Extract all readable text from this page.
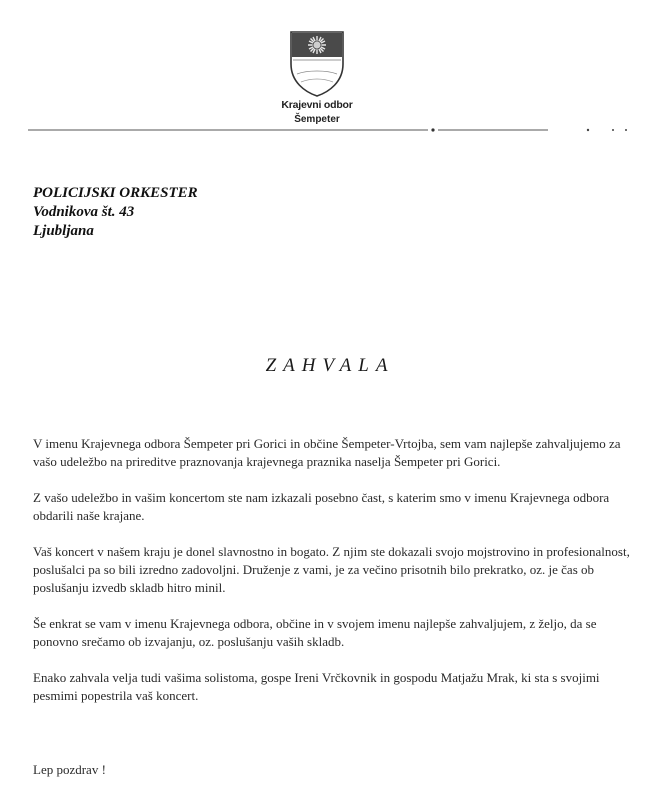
Krajevni odbor
Šempeter
POLICIJSKI ORKESTER
Vodnikova št. 43
Ljubljana
ZAHVALA

V imenu Krajevnega odbora Šempeter pri Gorici in občine Šempeter-Vrtojba, sem vam najlepše zahvaljujemo za vašo udeležbo na prireditve praznovanja krajevnega praznika naselja Šempeter pri Gorici.

Z vašo udeležbo in vašim koncertom ste nam izkazali posebno čast, s katerim smo v imenu Krajevnega odbora obdarili naše krajane.

Vaš koncert v našem kraju je donel slavnostno in bogato. Z njim ste dokazali svojo mojstrovino in profesionalnost, poslušalci pa so bili izredno zadovoljni. Druženje z vami, je za večino prisotnih bilo prekratko, oz. je čas ob poslušanju izvedb skladb hitro minil.

Še enkrat se vam v imenu Krajevnega odbora, občine in v svojem imenu najlepše zahvaljujem, z željo, da se ponovno srečamo ob izvajanju, oz. poslušanju vaših skladb.

Enako zahvala velja tudi vašima solistoma, gospe Ireni Vrčkovnik in gospodu Matjažu Mrak, ki sta s svojimi pesmimi popestrila vaš koncert.

Lep pozdrav !
